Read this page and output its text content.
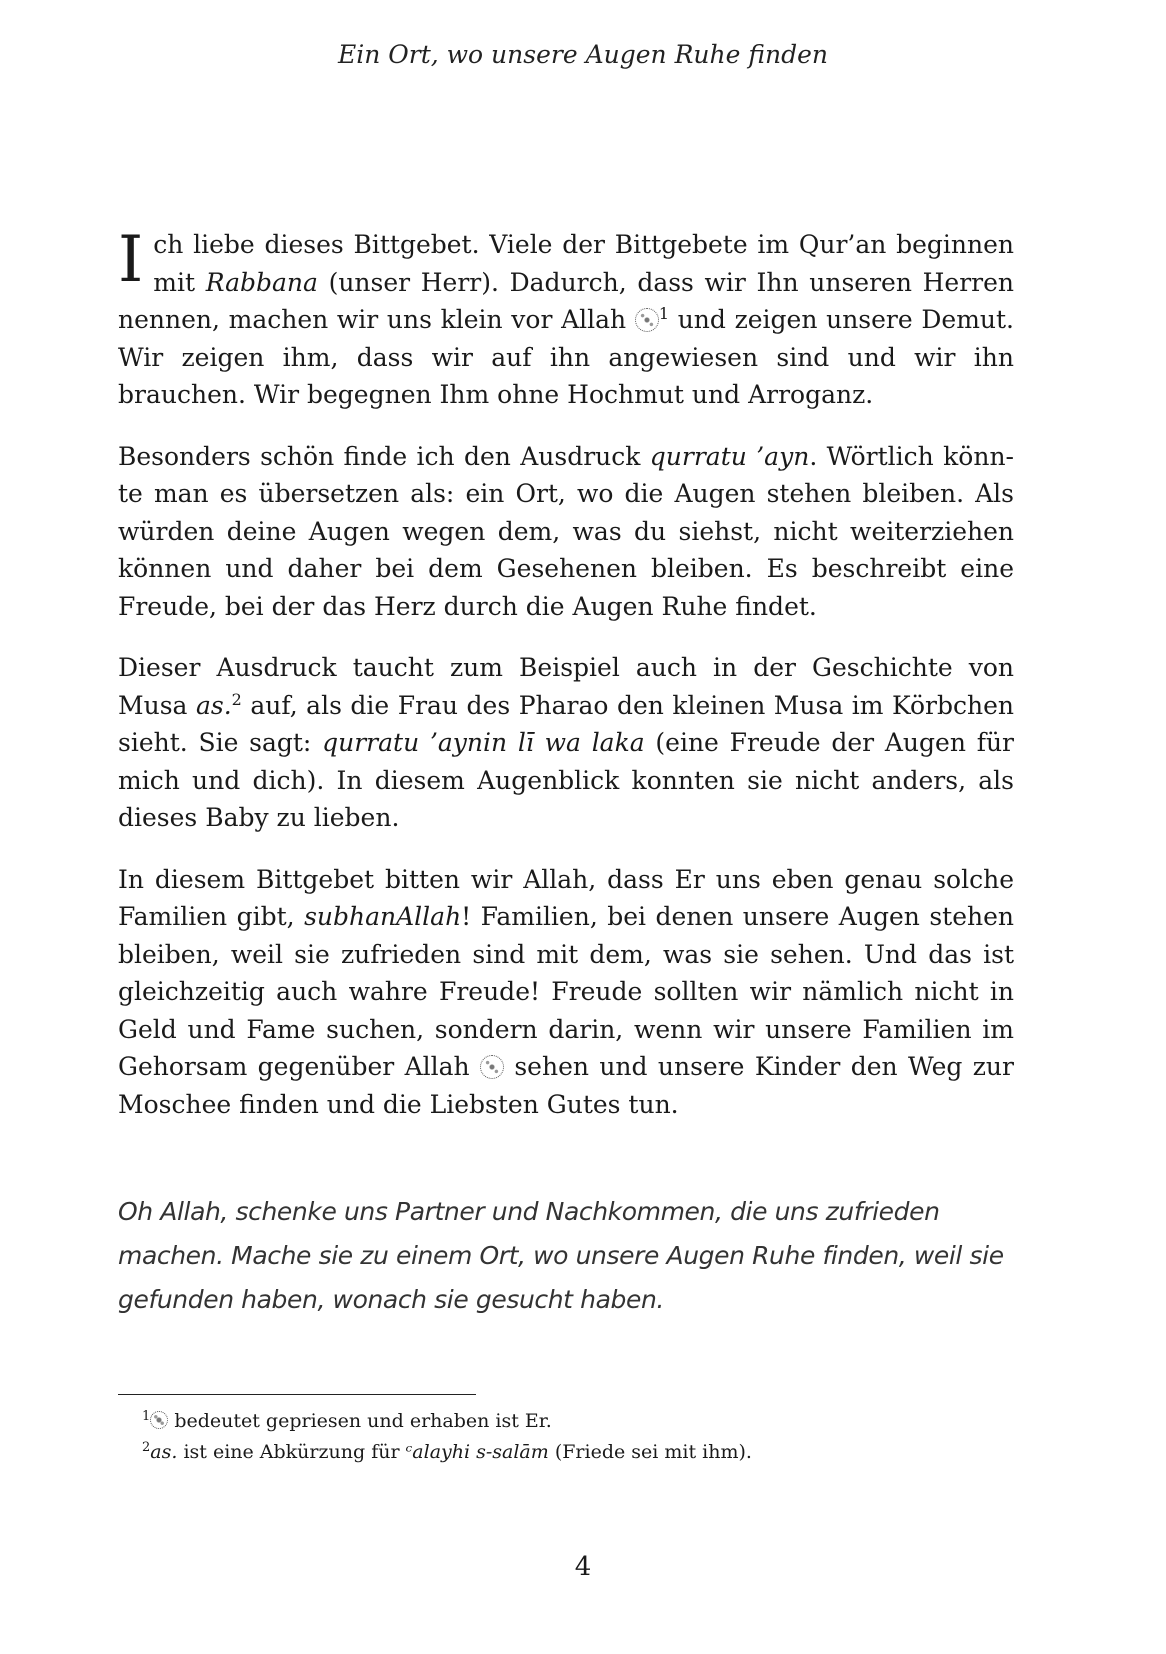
Ein Ort, wo unsere Augen Ruhe finden

Ich liebe dieses Bittgebet. Viele der Bittgebete im Qur’an beginnen mit Rabbana (unser Herr). Dadurch, dass wir Ihn unseren Herren nennen, machen wir uns klein vor Allah $^1$ und zeigen unsere Demut. Wir zeigen ihm, dass wir auf ihn angewiesen sind und wir ihn brauchen. Wir begegnen Ihm ohne Hochmut und Arroganz.

Besonders schön finde ich den Ausdruck qurratu ’ayn. Wörtlich könnte man es übersetzen als: ein Ort, wo die Augen stehen bleiben. Als würden deine Augen wegen dem, was du siehst, nicht weiterziehen können und daher bei dem Gesehenen bleiben. Es beschreibt eine Freude, bei der das Herz durch die Augen Ruhe findet.

Dieser Ausdruck taucht zum Beispiel auch in der Geschichte von Musa as.$^2$ auf, als die Frau des Pharao den kleinen Musa im Körbchen sieht. Sie sagt: qurratu ’aynin lī wa laka (eine Freude der Augen für mich und dich). In diesem Augenblick konnten sie nicht anders, als dieses Baby zu lieben.

In diesem Bittgebet bitten wir Allah, dass Er uns eben genau solche Familien gibt, subhanAllah! Familien, bei denen unsere Augen stehen bleiben, weil sie zufrieden sind mit dem, was sie sehen. Und das ist gleichzeitig auch wahre Freude! Freude sollten wir nämlich nicht in Geld und Fame suchen, sondern darin, wenn wir unsere Familien im Gehorsam gegenüber Allah  sehen und unsere Kinder den Weg zur Moschee finden und die Liebsten Gutes tun.

Oh Allah, schenke uns Partner und Nachkommen, die uns zufrieden machen. Mache sie zu einem Ort, wo unsere Augen Ruhe finden, weil sie gefunden haben, wonach sie gesucht haben.

$^1$ bedeutet gepriesen und erhaben ist Er.

$^2$as. ist eine Abkürzung für ᶜalayhi s-salām (Friede sei mit ihm).

4
